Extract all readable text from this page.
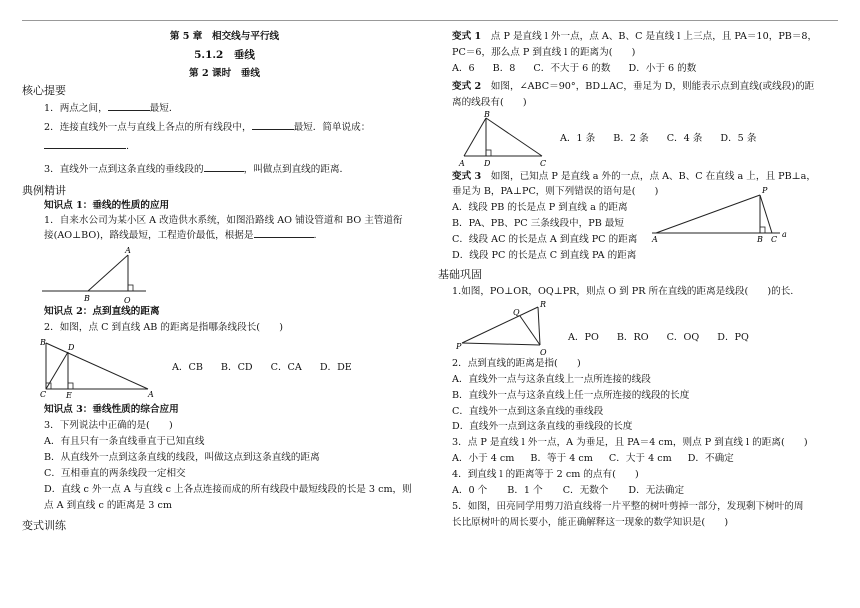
第 5 章　相交线与平行线
5.1.2　垂线
第 2 课时　垂线
核心提要

1．两点之间，	最短．

2．连接直线外一点与直线上各点的所有线段中，	最短．简单说成：

.

3．直线外一点到这条直线的垂线段的	，叫做点到直线的距离．

典例精讲

知识点 1：垂线的性质的应用

1．自来水公司为某小区 A 改造供水系统，如图沿路线 AO 铺设管道和 BO 主管道衔

接(AO⊥BO)，路线最短，工程造价最低，根据是	.

A
B	O

知识点 2：点到直线的距离

2．如图，点 C 到直线 AB 的距离是指哪条线段长(　　)

B
D
C E	A
A．CB B．CD C．CA D．DE

知识点 3：垂线性质的综合应用

3．下列说法中正确的是(　　)

A．有且只有一条直线垂直于已知直线

B．从直线外一点到这条直线的线段，叫做这点到这条直线的距离

C．互相垂直的两条线段一定相交

D．直线 c 外一点 A 与直线 c 上各点连接而成的所有线段中最短线段的长是 3 cm，则

点 A 到直线 c 的距离是 3 cm

变式训练

变式 1　 点 P 是直线 l 外一点，点 A、B、C 是直线 l 上三点，且 PA＝10，PB＝8，

PC＝6，那么点 P 到直线 l 的距离为(　　)

A．6 B．8 C．不大于 6 的数 D．小于 6 的数

变式 2　 如图，∠ABC＝90°，BD⊥AC，垂足为 D，则能表示点到直线(或线段)的距

离的线段有(　　)

B
A D	C
A．1 条 B．2 条 C．4 条 D．5 条

变式 3　 如图，已知点 P 是直线 a 外的一点，点 A、B、C 在直线 a 上，且 PB⊥a，

垂足为 B，PA⊥PC，则下列错误的语句是(　　)

A．线段 PB 的长是点 P 到直线 a 的距离

B．PA、PB、PC 三条线段中，PB 最短

C．线段 AC 的长是点 A 到直线 PC 的距离

D．线段 PC 的长是点 C 到直线 PA 的距离

P
A	B C
a
基础巩固

1.如图，PO⊥OR，OQ⊥PR，则点 O 到 PR 所在直线的距离是线段(　　)的长.

R
O
Q
P
A．PO B．RO C．OQ D．PQ

2．点到直线的距离是指(　　)

A．直线外一点与这条直线上一点所连接的线段

B．直线外一点与这条直线上任一点所连接的线段的长度

C．直线外一点到这条直线的垂线段

D．直线外一点到这条直线的垂线段的长度

3．点 P 是直线 l 外一点，A 为垂足，且 PA＝4 cm，则点 P 到直线 l 的距离(　　)

A．小于 4 cm B．等于 4 cm C．大于 4 cm D．不确定

4．到直线 l 的距离等于 2 cm 的点有(　　)

A．0 个 B．1 个 C．无数个 D．无法确定

5．如图，田亮同学用剪刀沿直线将一片平整的树叶剪掉一部分，发现剩下树叶的周

长比原树叶的周长要小，能正确解释这一现象的数学知识是(　　)
